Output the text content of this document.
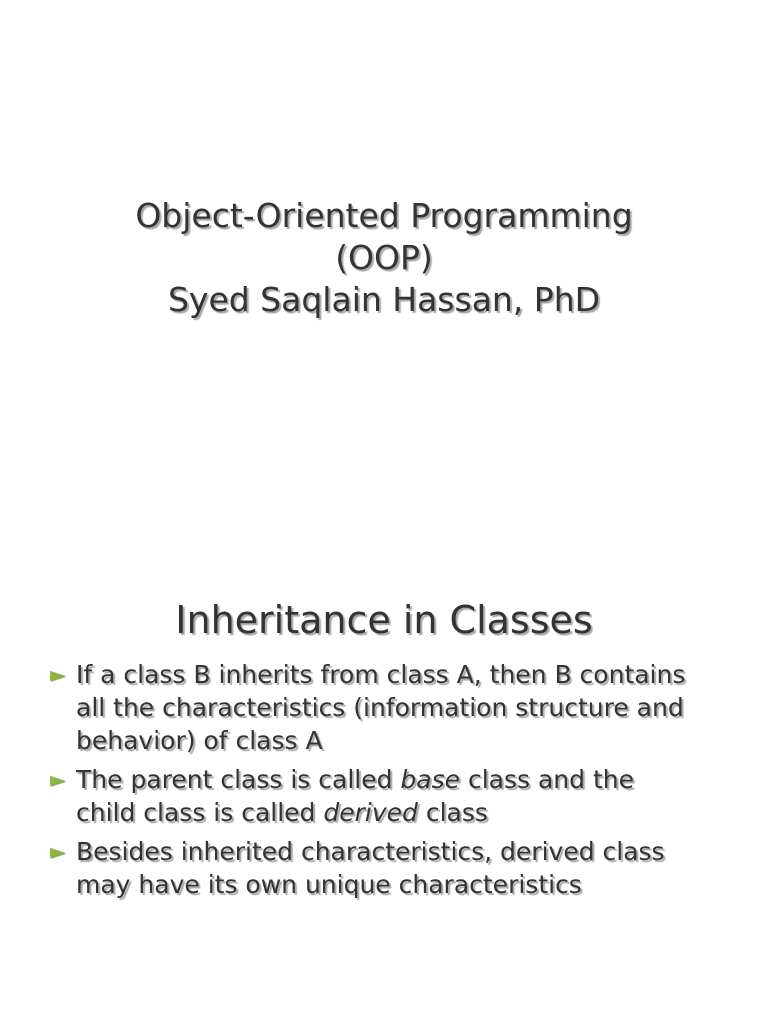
Object-Oriented Programming
(OOP)
Syed Saqlain Hassan, PhD
Inheritance in Classes
► If a class B inherits from class A, then B contains
all the characteristics (information structure and
behavior) of class A
► The parent class is called base class and the
child class is called derived class
► Besides inherited characteristics, derived class
may have its own unique characteristics
